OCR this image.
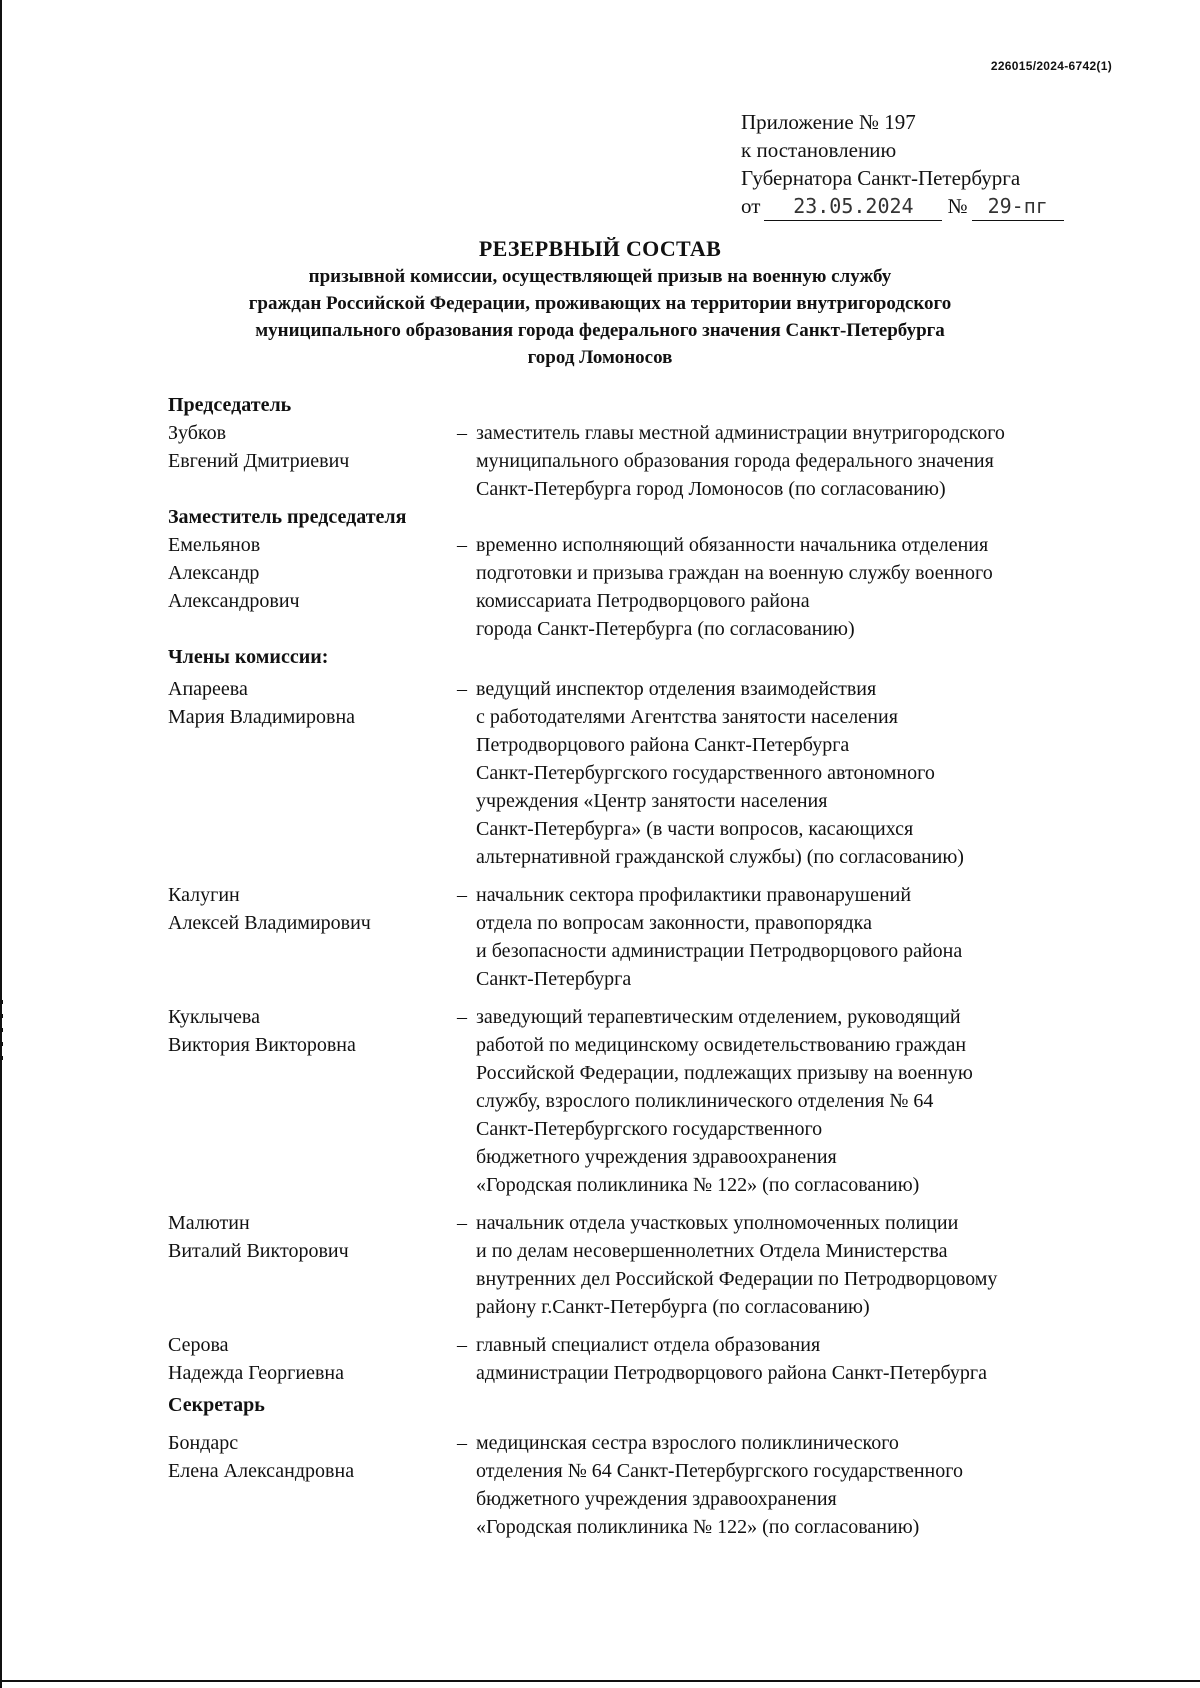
226015/2024-6742(1)
Приложение № 197
к постановлению
Губернатора Санкт-Петербурга
от 23.05.2024 № 29-пг
РЕЗЕРВНЫЙ СОСТАВ
призывной комиссии, осуществляющей призыв на военную службу
граждан Российской Федерации, проживающих на территории внутригородского
муниципального образования города федерального значения Санкт-Петербурга
город Ломоносов
Председатель
Зубков
Евгений Дмитриевич
– заместитель главы местной администрации внутригородского
муниципального образования города федерального значения
Санкт-Петербурга город Ломоносов (по согласованию)
Заместитель председателя
Емельянов
Александр
Александрович
– временно исполняющий обязанности начальника отделения
подготовки и призыва граждан на военную службу военного
комиссариата Петродворцового района
города Санкт-Петербурга (по согласованию)
Члены комиссии:
Апареева
Мария Владимировна
– ведущий инспектор отделения взаимодействия
с работодателями Агентства занятости населения
Петродворцового района Санкт-Петербурга
Санкт-Петербургского государственного автономного
учреждения «Центр занятости населения
Санкт-Петербурга» (в части вопросов, касающихся
альтернативной гражданской службы) (по согласованию)
Калугин
Алексей Владимирович
– начальник сектора профилактики правонарушений
отдела по вопросам законности, правопорядка
и безопасности администрации Петродворцового района
Санкт-Петербурга
Куклычева
Виктория Викторовна
– заведующий терапевтическим отделением, руководящий
работой по медицинскому освидетельствованию граждан
Российской Федерации, подлежащих призыву на военную
службу, взрослого поликлинического отделения № 64
Санкт-Петербургского государственного
бюджетного учреждения здравоохранения
«Городская поликлиника № 122» (по согласованию)
Малютин
Виталий Викторович
– начальник отдела участковых уполномоченных полиции
и по делам несовершеннолетних Отдела Министерства
внутренних дел Российской Федерации по Петродворцовому
району г.Санкт-Петербурга (по согласованию)
Серова
Надежда Георгиевна
– главный специалист отдела образования
администрации Петродворцового района Санкт-Петербурга
Секретарь
Бондарс
Елена Александровна
– медицинская сестра взрослого поликлинического
отделения № 64 Санкт-Петербургского государственного
бюджетного учреждения здравоохранения
«Городская поликлиника № 122» (по согласованию)
